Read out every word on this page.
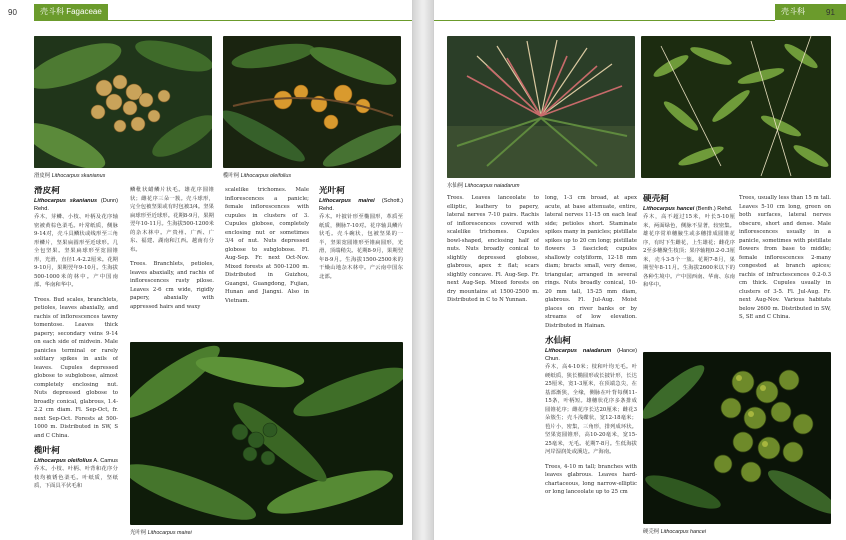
90	壳斗科 Fagaceae
滑皮柯 Lithocarpus skanianus	榄叶柯 Lithocarpus oleifolius
滑皮柯
Lithocarpus skanianus (Dunn) Rehd.

乔木，芽鳞、小枝、叶柄及花序轴密被黄棕色柔毛。叶常纸质，侧脉9-14对，壳斗具鳞状或线形至三角形鳞片，坚果扁圆形至近球形。几全包坚果。坚果扁球形至宽圆锥形，光滑，直径1.4-2.2厘米。花期9-10月，果期翌年9-10月。生海拔500-1000米的林中。产中国南部、华南和华中。

Trees. Bud scales, branchlets, petioles, leaves abaxially, and rachis of inflorescences tawny tomentose. Leaves thick papery; secondary veins 9-14 on each side of midvein. Male panicles terminal or rarely solitary spikes in axils of leaves. Cupules depressed globose to subglobose, almost completely enclosing nut. Nuts depressed globose to broadly conical, glabrous, 1.4-2.2 cm diam. Fl. Sep-Oct, fr. next Sep-Oct. Forests at 500-1000 m. Distributed in SW, S and C China.

榄叶柯
Lithocarpus oleifolius A. Camus

乔木。小枝、叶柄、叶背和花序分枝均被锈色柔毛。叶纸质，坚纸质，下面具平伏毛和

鳞秕状蜡鳞片状毛。雄花序圆锥状；雌花序三朵一簇。壳斗球形，完全包被坚果或有时包被3/4。坚果扁球形至近球形。花期8-9月，果期翌年10-11月。生海拔500-1200米的杂木林中。产贵州、广西、广东、福建、湖南和江西。越南有分布。

Trees. Branchlets, petioles, leaves abaxially, and rachis of inflorescences rusty pilose. Leaves 2-6 cm wide, rigidly papery, abaxially with appressed hairs and waxy

scalelike trichomes. Male inflorescences a panicle; female inflorescences with cupules in clusters of 3. Cupules globose, completely enclosing nut or sometimes 3/4 of nut. Nuts depressed globose to subglobose. Fl. Aug-Sep. Fr. next Oct-Nov. Mixed forests at 500-1200 m. Distributed in Guizhou, Guangxi, Guangdong, Fujian, Hunan and Jiangxi. Also in Vietnam.

光叶柯
Lithocarpus mairei (Schott.) Rehd.

乔木。叶披针形至椭圆形，革质至纸质，侧脉7-10对。花序轴具鳞片状毛。壳斗碗状，包被坚果的一半，坚果宽圆锥形至锥扁圆形，光滑，顶端稍尖。花期8-9月，果期翌年8-9月。生海拔1500-2500米的干燥山地杂木林中。产云南中国东北部。

光叶柯 Lithocarpus mairei
壳斗科 Fagaceae
91
水仙柯 Lithocarpus naiadarum

Trees. Leaves lanceolate to elliptic, leathery to papery, lateral nerves 7-10 pairs. Rachis of inflorescences covered with scalelike trichomes. Cupules bowl-shaped, enclosing half of nuts. Nuts broadly conical to slightly depressed globose, glabrous, apex ± flat; scars slightly concave. Fl. Aug-Sep. Fr. next Aug-Sep. Mixed forests on dry mountains at 1500-2500 m. Distributed in C to N Yunnan.

long, 1-3 cm broad, at apex acute, at base attenuate, entire, lateral nerves 11-15 on each leaf side; petioles short. Staminate spikes many in panicles; pistillate spikes up to 20 cm long; pistillate flowers 3 fascicled; cupules shallowly cotyliform, 12-18 mm diam; bracts small, very dense, triangular, arranged in several rings. Nuts broadly conical, 10-20 mm tall, 15-25 mm diam, glabrous. Fl. Jul-Aug. Moist places on river banks or by streams of low elevation. Distributed in Hainan.

水仙柯
Lithocarpus naiadarum (Hance) Chun.

乔木，高4-10米；枝和叶均无毛。叶硬纸质，狭长椭圆形或长披针形，长达25厘米，宽1-3厘米，在顶端急尖，在基部渐狭，全缘，侧脉在叶背每侧11-15条，叶柄短。雄穗状花序多条排成圆锥花序；雌花序长达20厘米；雌花3朵簇生；壳斗浅碟状，宽12-18毫米；苞片小，密集，三角形，排列成环状。坚果宽圆锥形，高10-20毫米，宽15-25毫米，无毛。花期7-8月。生低海拔河岸湿润处或溪边。产海南。

Trees, 4-10 m tall; branches with leaves glabrous. Leaves hard-chartaceous, long narrow-elliptic or long lanceolate up to 25 cm

硬壳柯
Lithocarpus hancei (Benth.) Rehd.

乔木，高不超过15米，叶长5-10厘米，两面绿色，侧脉不显著，较密集。雄花序常单穗腋生或多穗排成圆锥花序，有时下生雌花，上生雄花；雌花序2至多穗聚生枝顶；果序轴粗0.2-0.3厘米，壳斗3-5个一簇。花期7-8月，果期翌年8-11月。生海拔2600米以下的各种生境中。产中国西南、华南、东南和华中。

Trees, usually less than 15 m tall. Leaves 5-10 cm long, green on both surfaces, lateral nerves obscure, short and dense. Male inflorescences usually in a panicle, sometimes with pistillate flowers from base to middle; female inflorescences 2-many congested at branch apices; rachis of infructescences 0.2-0.3 cm thick. Cupules usually in clusters of 3-5. Fl. Jul-Aug. Fr. next Aug-Nov. Various habitats below 2600 m. Distributed in SW, S, SE and C China.

硬壳柯 Lithocarpus hancei
